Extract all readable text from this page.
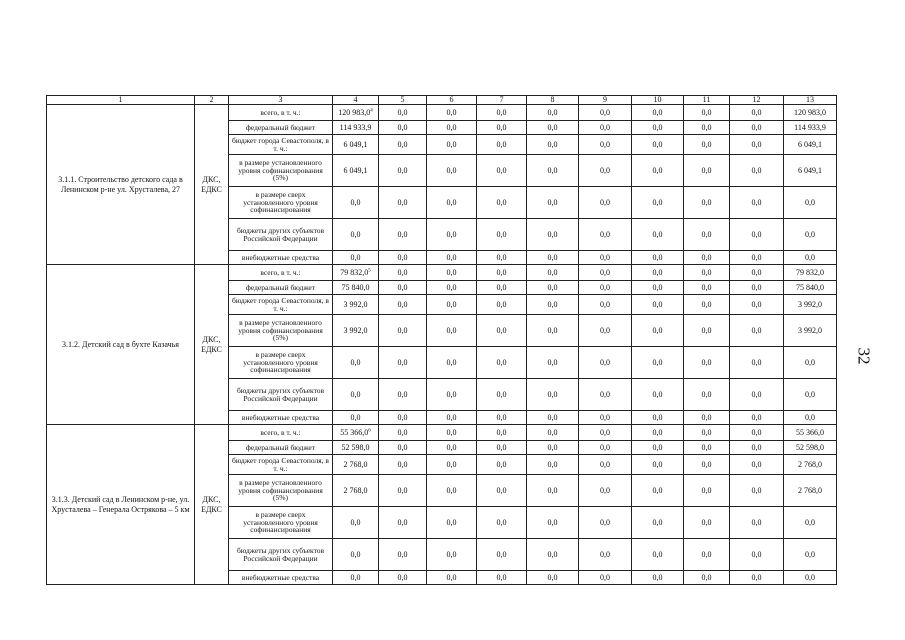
1	2	3	4	5	6	7	8	9	10	11	12	13
3.1.1. Строительство детского сада в Ленинском р-не ул. Хрусталева, 27	ДКС, ЕДКС	всего, в т. ч.:	120 983,0$^4$	0,0	0,0	0,0	0,0	0,0	0,0	0,0	0,0	120 983,0
		федеральный бюджет	114 933,9	0,0	0,0	0,0	0,0	0,0	0,0	0,0	0,0	114 933,9
		бюджет города Севастополя, в т. ч.:	6 049,1	0,0	0,0	0,0	0,0	0,0	0,0	0,0	0,0	6 049,1
		в размере установленного уровня софинансирования (5%)	6 049,1	0,0	0,0	0,0	0,0	0,0	0,0	0,0	0,0	6 049,1
		в размере сверх установленного уровня софинансирования	0,0	0,0	0,0	0,0	0,0	0,0	0,0	0,0	0,0	0,0
		бюджеты других субъектов Российской Федерации	0,0	0,0	0,0	0,0	0,0	0,0	0,0	0,0	0,0	0,0
		внебюджетные средства	0,0	0,0	0,0	0,0	0,0	0,0	0,0	0,0	0,0	0,0
3.1.2. Детский сад в бухте Казачья	ДКС, ЕДКС	всего, в т. ч.:	79 832,0$^5$	0,0	0,0	0,0	0,0	0,0	0,0	0,0	0,0	79 832,0
		федеральный бюджет	75 840,0	0,0	0,0	0,0	0,0	0,0	0,0	0,0	0,0	75 840,0
		бюджет города Севастополя, в т. ч.:	3 992,0	0,0	0,0	0,0	0,0	0,0	0,0	0,0	0,0	3 992,0
		в размере установленного уровня софинансирования (5%)	3 992,0	0,0	0,0	0,0	0,0	0,0	0,0	0,0	0,0	3 992,0
		в размере сверх установленного уровня софинансирования	0,0	0,0	0,0	0,0	0,0	0,0	0,0	0,0	0,0	0,0
		бюджеты других субъектов Российской Федерации	0,0	0,0	0,0	0,0	0,0	0,0	0,0	0,0	0,0	0,0
		внебюджетные средства	0,0	0,0	0,0	0,0	0,0	0,0	0,0	0,0	0,0	0,0
3.1.3. Детский сад в Ленинском р-не, ул. Хрусталева – Генерала Острякова – 5 км	ДКС, ЕДКС	всего, в т. ч.:	55 366,0$^6$	0,0	0,0	0,0	0,0	0,0	0,0	0,0	0,0	55 366,0
		федеральный бюджет	52 598,0	0,0	0,0	0,0	0,0	0,0	0,0	0,0	0,0	52 598,0
		бюджет города Севастополя, в т. ч.:	2 768,0	0,0	0,0	0,0	0,0	0,0	0,0	0,0	0,0	2 768,0
		в размере установленного уровня софинансирования (5%)	2 768,0	0,0	0,0	0,0	0,0	0,0	0,0	0,0	0,0	2 768,0
		в размере сверх установленного уровня софинансирования	0,0	0,0	0,0	0,0	0,0	0,0	0,0	0,0	0,0	0,0
		бюджеты других субъектов Российской Федерации	0,0	0,0	0,0	0,0	0,0	0,0	0,0	0,0	0,0	0,0
		внебюджетные средства	0,0	0,0	0,0	0,0	0,0	0,0	0,0	0,0	0,0	0,0
32
